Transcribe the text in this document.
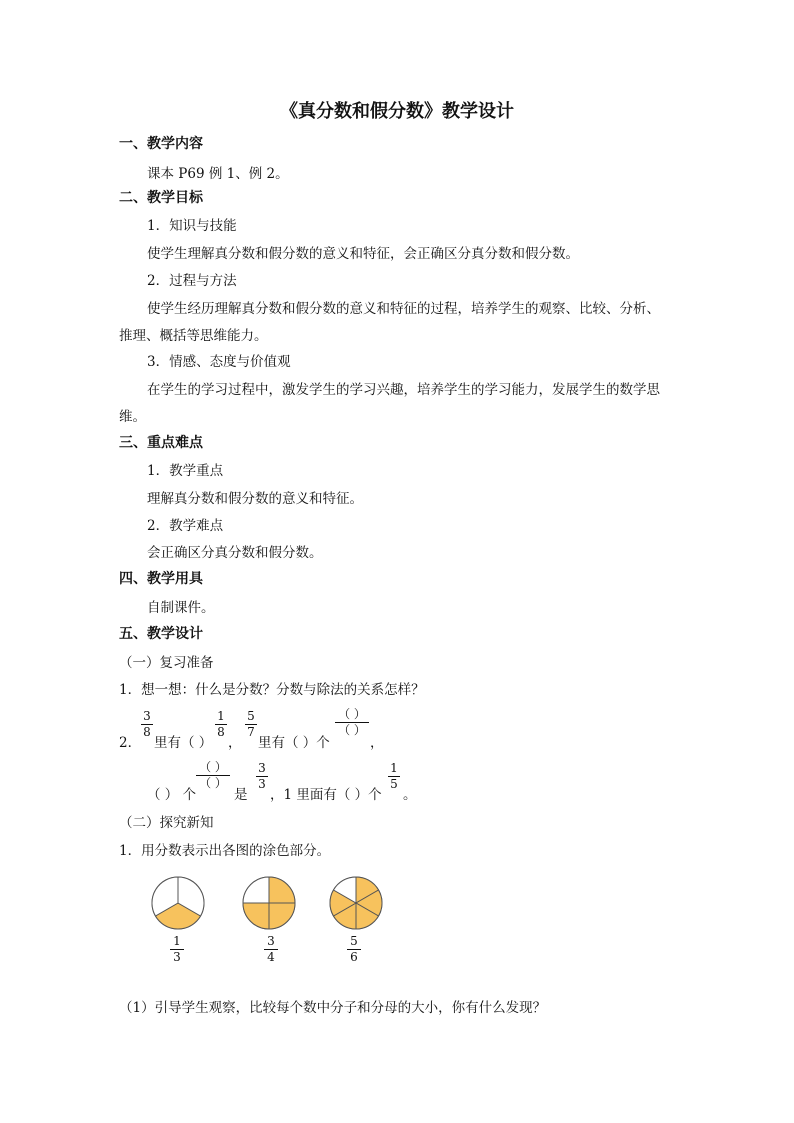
《真分数和假分数》教学设计
一、教学内容
课本 P69 例 1、例 2。
二、教学目标
1．知识与技能
使学生理解真分数和假分数的意义和特征，会正确区分真分数和假分数。
2．过程与方法
使学生经历理解真分数和假分数的意义和特征的过程，培养学生的观察、比较、分析、
推理、概括等思维能力。
3．情感、态度与价值观
在学生的学习过程中，激发学生的学习兴趣，培养学生的学习能力，发展学生的数学思
维。
三、重点难点
1．教学重点
理解真分数和假分数的意义和特征。
2．教学难点
会正确区分真分数和假分数。
四、教学用具
自制课件。
五、教学设计
（一）复习准备
1．想一想：什么是分数？分数与除法的关系怎样？
2．
3
8
里有（ ）
1
8
，
5
7
里有（ ）个
（ ）
（ ）
，
（ ） 个
（ ）
（ ）
是
3
3
，1 里面有（ ）个
1
5
。
（二）探究新知
1．用分数表示出各图的涂色部分。
1
3
3
4
5
6
（1）引导学生观察，比较每个数中分子和分母的大小，你有什么发现？
